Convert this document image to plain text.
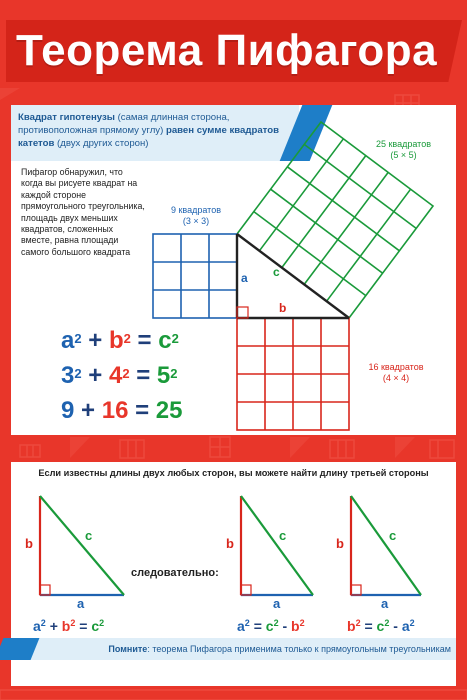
Теорема Пифагора
Квадрат гипотенузы (самая длинная сторона, противоположная прямому углу) равен сумме квадратов катетов (двух других сторон)
Пифагор обнаружил, что когда вы рисуете квадрат на каждой стороне прямоугольного треугольника, площадь двух меньших квадратов, сложенных вместе, равна площади самого большого квадрата
a c
b
25 квадратов
(5 × 5)
9 квадратов
(3 × 3)
16 квадратов
(4 × 4)
$a^2 + b^2 = c^2$
$3^2 + 4^2 = 5^2$
9 + 16 = 25
Если известны длины двух любых сторон, вы можете найти длину третьей стороны
b
c
a
b
c
a
b
c
a
следовательно:
$a^2 + b^2 = c^2$	$a^2 = c^2 - b^2$	$b^2 = c^2 - a^2$
Помните: теорема Пифагора применима только к прямоугольным треугольникам
